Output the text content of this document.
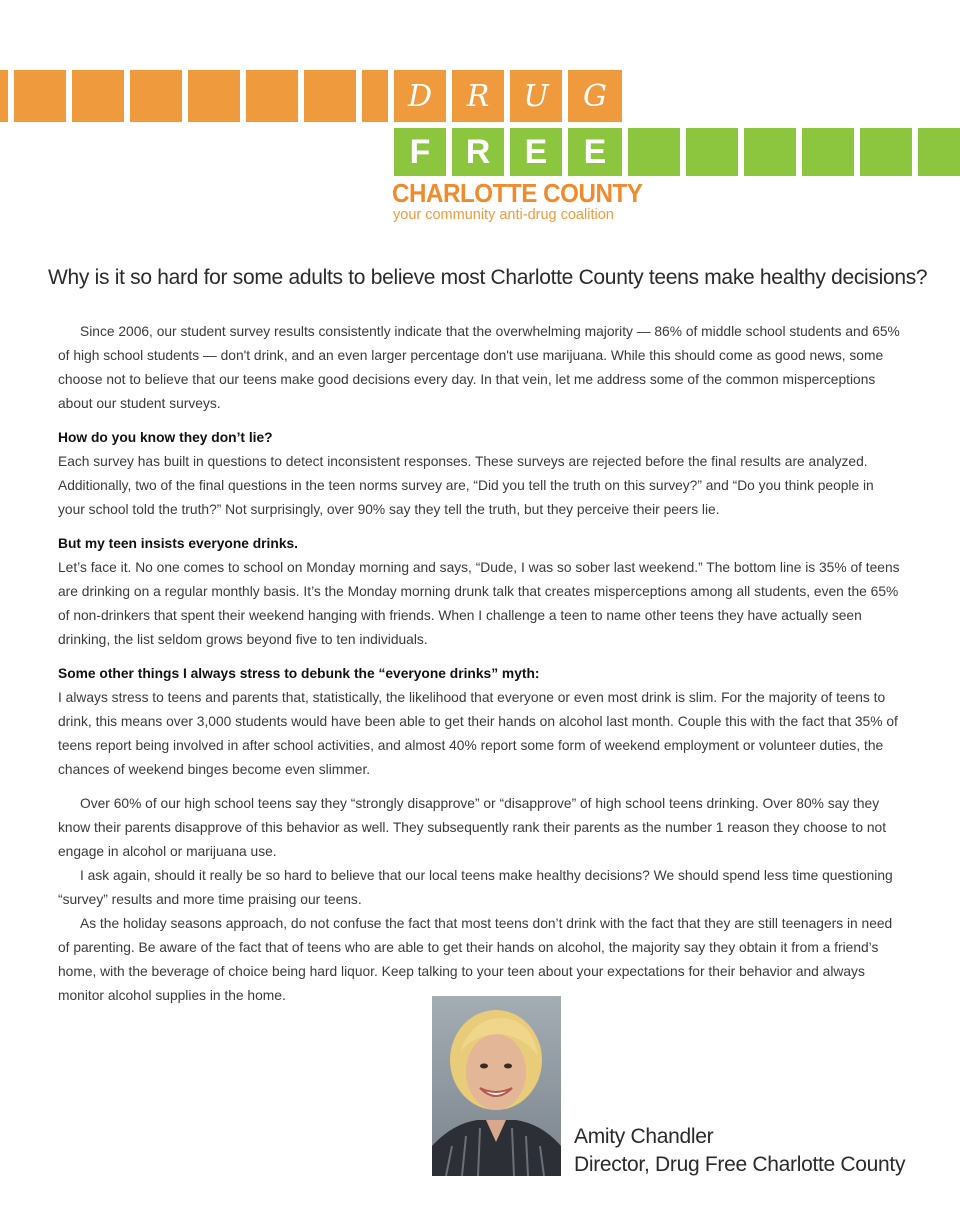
D	R	U	G
F	R	E	E
CHARLOTTE COUNTY
your community anti-drug coalition
Why is it so hard for some adults to believe most Charlotte County teens make healthy decisions?

Since 2006, our student survey results consistently indicate that the overwhelming majority — 86% of middle school students and 65% of high school students — don't drink, and an even larger percentage don't use marijuana. While this should come as good news, some choose not to believe that our teens make good decisions every day. In that vein, let me address some of the common misperceptions about our student surveys.

How do you know they don’t lie?

Each survey has built in questions to detect inconsistent responses. These surveys are rejected before the final results are analyzed. Additionally, two of the final questions in the teen norms survey are, “Did you tell the truth on this survey?” and “Do you think people in your school told the truth?” Not surprisingly, over 90% say they tell the truth, but they perceive their peers lie.

But my teen insists everyone drinks.

Let’s face it. No one comes to school on Monday morning and says, “Dude, I was so sober last weekend.” The bottom line is 35% of teens are drinking on a regular monthly basis. It’s the Monday morning drunk talk that creates misperceptions among all students, even the 65% of non-drinkers that spent their weekend hanging with friends. When I challenge a teen to name other teens they have actually seen drinking, the list seldom grows beyond five to ten individuals.

Some other things I always stress to debunk the “everyone drinks” myth:

I always stress to teens and parents that, statistically, the likelihood that everyone or even most drink is slim. For the majority of teens to drink, this means over 3,000 students would have been able to get their hands on alcohol last month. Couple this with the fact that 35% of teens report being involved in after school activities, and almost 40% report some form of weekend employment or volunteer duties, the chances of weekend binges become even slimmer.

Over 60% of our high school teens say they “strongly disapprove” or “disapprove” of high school teens drinking. Over 80% say they know their parents disapprove of this behavior as well. They subsequently rank their parents as the number 1 reason they choose to not engage in alcohol or marijuana use.

I ask again, should it really be so hard to believe that our local teens make healthy decisions? We should spend less time questioning “survey” results and more time praising our teens.

As the holiday seasons approach, do not confuse the fact that most teens don’t drink with the fact that they are still teenagers in need of parenting. Be aware of the fact that of teens who are able to get their hands on alcohol, the majority say they obtain it from a friend’s home, with the beverage of choice being hard liquor. Keep talking to your teen about your expectations for their behavior and always monitor alcohol supplies in the home.

Amity Chandler
Director, Drug Free Charlotte County
